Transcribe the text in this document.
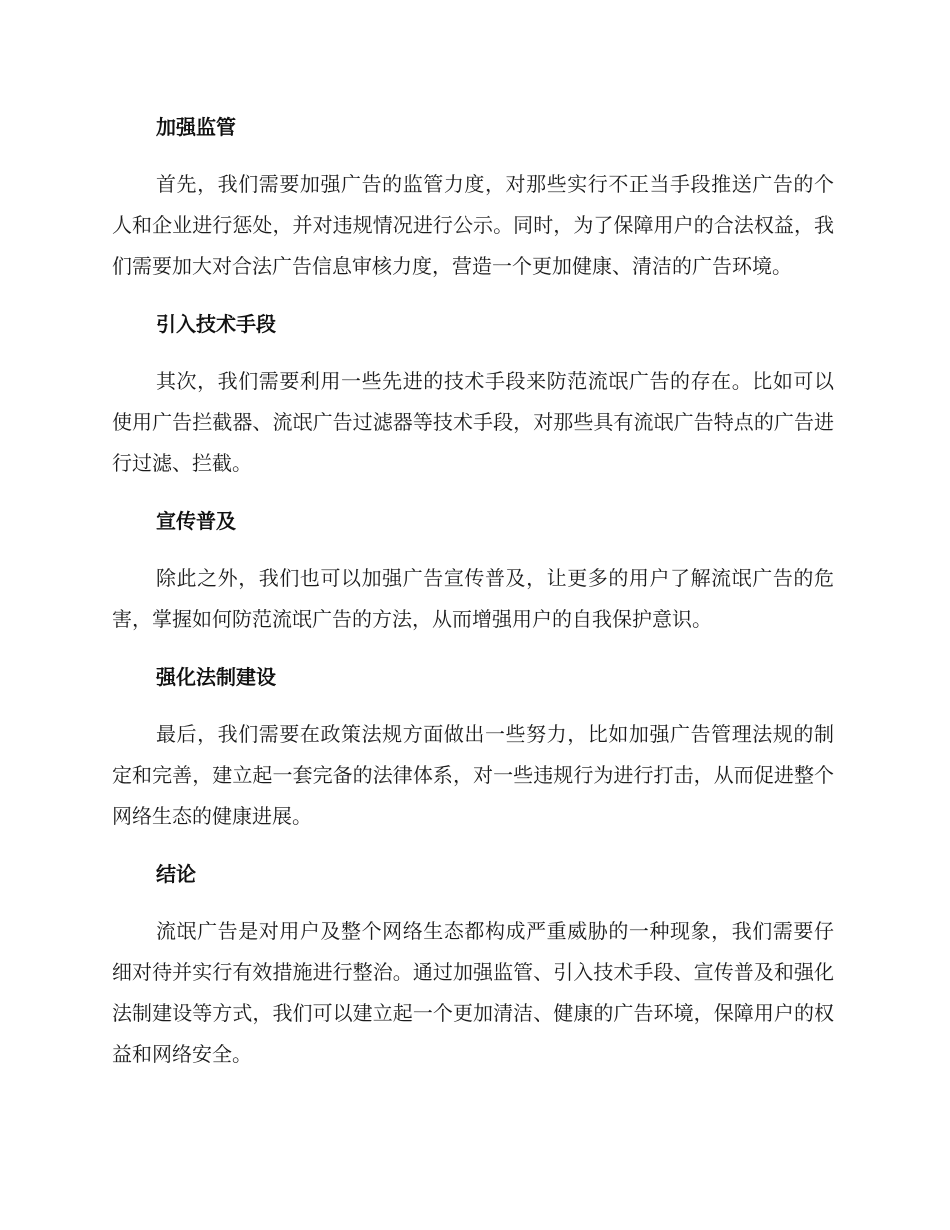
加强监管

首先，我们需要加强广告的监管力度，对那些实行不正当手段推送广告的个人和企业进行惩处，并对违规情况进行公示。同时，为了保障用户的合法权益，我们需要加大对合法广告信息审核力度，营造一个更加健康、清洁的广告环境。

引入技术手段

其次，我们需要利用一些先进的技术手段来防范流氓广告的存在。比如可以使用广告拦截器、流氓广告过滤器等技术手段，对那些具有流氓广告特点的广告进行过滤、拦截。

宣传普及

除此之外，我们也可以加强广告宣传普及，让更多的用户了解流氓广告的危害，掌握如何防范流氓广告的方法，从而增强用户的自我保护意识。

强化法制建设

最后，我们需要在政策法规方面做出一些努力，比如加强广告管理法规的制定和完善，建立起一套完备的法律体系，对一些违规行为进行打击，从而促进整个网络生态的健康进展。

结论

流氓广告是对用户及整个网络生态都构成严重威胁的一种现象，我们需要仔细对待并实行有效措施进行整治。通过加强监管、引入技术手段、宣传普及和强化法制建设等方式，我们可以建立起一个更加清洁、健康的广告环境，保障用户的权益和网络安全。
